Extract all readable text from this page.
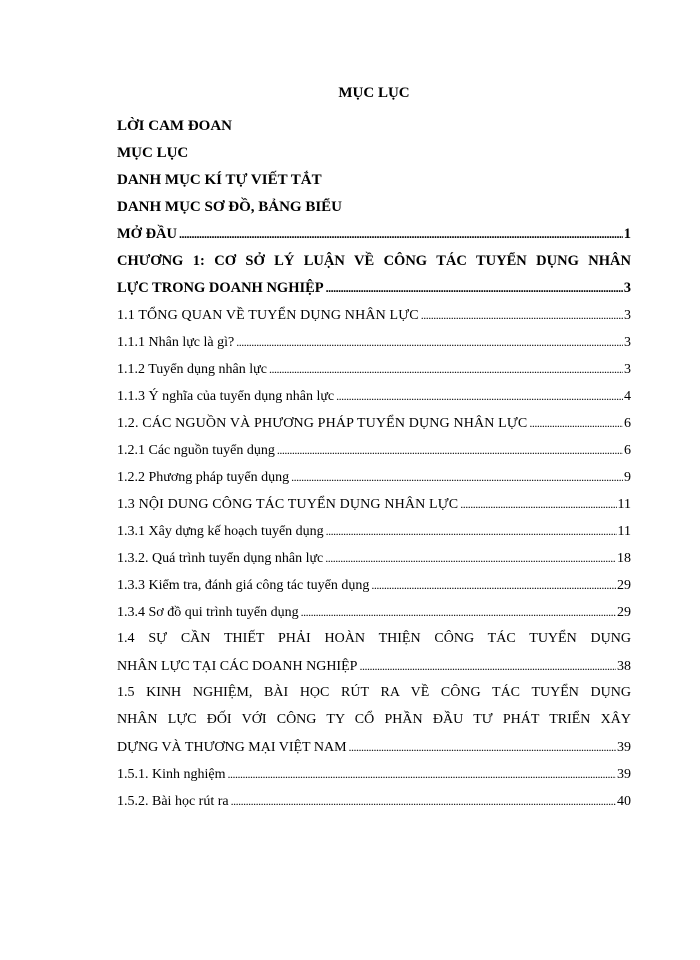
MỤC LỤC
LỜI CAM ĐOAN
MỤC LỤC
DANH MỤC KÍ TỰ VIẾT TẮT
DANH MỤC SƠ ĐỒ, BẢNG BIỂU
MỞ ĐẦU .....	1
CHƯƠNG 1: CƠ SỞ LÝ LUẬN VỀ CÔNG TÁC TUYỂN DỤNG NHÂN
LỰC TRONG DOANH NGHIỆP .....	3
1.1 TỔNG QUAN VỀ TUYỂN DỤNG NHÂN LỰC .....	3
1.1.1 Nhân lực là gì? .....	3
1.1.2 Tuyển dụng nhân lực .....	3
1.1.3 Ý nghĩa của tuyển dụng nhân lực .....	4
1.2. CÁC NGUỒN VÀ PHƯƠNG PHÁP TUYỂN DỤNG NHÂN LỰC .....	6
1.2.1 Các nguồn tuyển dụng .....	6
1.2.2 Phương pháp tuyển dụng .....	9
1.3 NỘI DUNG CÔNG TÁC TUYỂN DỤNG NHÂN LỰC .....	11
1.3.1 Xây dựng kế hoạch tuyển dụng .....	11
1.3.2. Quá trình tuyển dụng nhân lực .....	18
1.3.3 Kiểm tra, đánh giá công tác tuyển dụng .....	29
1.3.4 Sơ đồ qui trình tuyển dụng .....	29
1.4 SỰ CẦN THIẾT PHẢI HOÀN THIỆN CÔNG TÁC TUYỂN DỤNG
NHÂN LỰC TẠI CÁC DOANH NGHIỆP .....	38
1.5 KINH NGHIỆM, BÀI HỌC RÚT RA VỀ CÔNG TÁC TUYỂN DỤNG
NHÂN LỰC ĐỐI VỚI CÔNG TY CỔ PHẦN ĐẦU TƯ PHÁT TRIỂN XÂY
DỰNG VÀ THƯƠNG MẠI VIỆT NAM .....	39
1.5.1. Kinh nghiệm .....	39
1.5.2. Bài học rút ra .....	40
